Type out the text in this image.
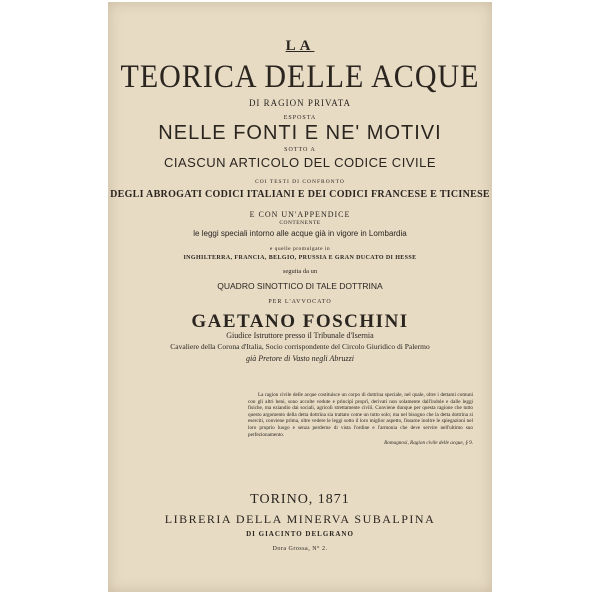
LA
TEORICA DELLE ACQUE
DI RAGION PRIVATA
ESPOSTA
NELLE FONTI E NE' MOTIVI
SOTTO A
CIASCUN ARTICOLO DEL CODICE CIVILE
COI TESTI DI CONFRONTO
DEGLI ABROGATI CODICI ITALIANI E DEI CODICI FRANCESE E TICINESE
E CON UN'APPENDICE
CONTENENTE
le leggi speciali intorno alle acque già in vigore in Lombardia
e quelle promulgate in
INGHILTERRA, FRANCIA, BELGIO, PRUSSIA E GRAN DUCATO DI HESSE
seguita da un
QUADRO SINOTTICO DI TALE DOTTRINA
PER L'AVVOCATO
GAETANO FOSCHINI
Giudice Istruttore presso il Tribunale d'Isernia
Cavaliere della Corona d'Italia, Socio corrispondente del Circolo Giuridico di Palermo
già Pretore di Vasto negli Abruzzi

La ragion civile delle acque costituisce un corpo di dottrina speciale, nel quale, oltre i dettami comuni con gli altri beni, sono accolte vedute e principî proprî, derivati non solamente dall'indole e dalle leggi fisiche, ma eziandio dai sociali, agricoli strettamente civili. Conviene dunque per questa ragione che tutto questo argomento della detta dottrina sia trattato come un tutto solo; ma nel bisogno che la detta dottrina si eserciti, conviene prima, oltre vedere le leggi sotto il loro miglior aspetto, fissarne inoltre le spiegazioni nel loro proprio luogo e senza perderne di vista l'ordine e l'armonia che deve servire nell'ultimo suo perfezionamento.

Romagnosi, Ragion civile delle acque, § 9.

TORINO, 1871
LIBRERIA DELLA MINERVA SUBALPINA
DI GIACINTO DELGRANO
Dora Grossa, N° 2.
